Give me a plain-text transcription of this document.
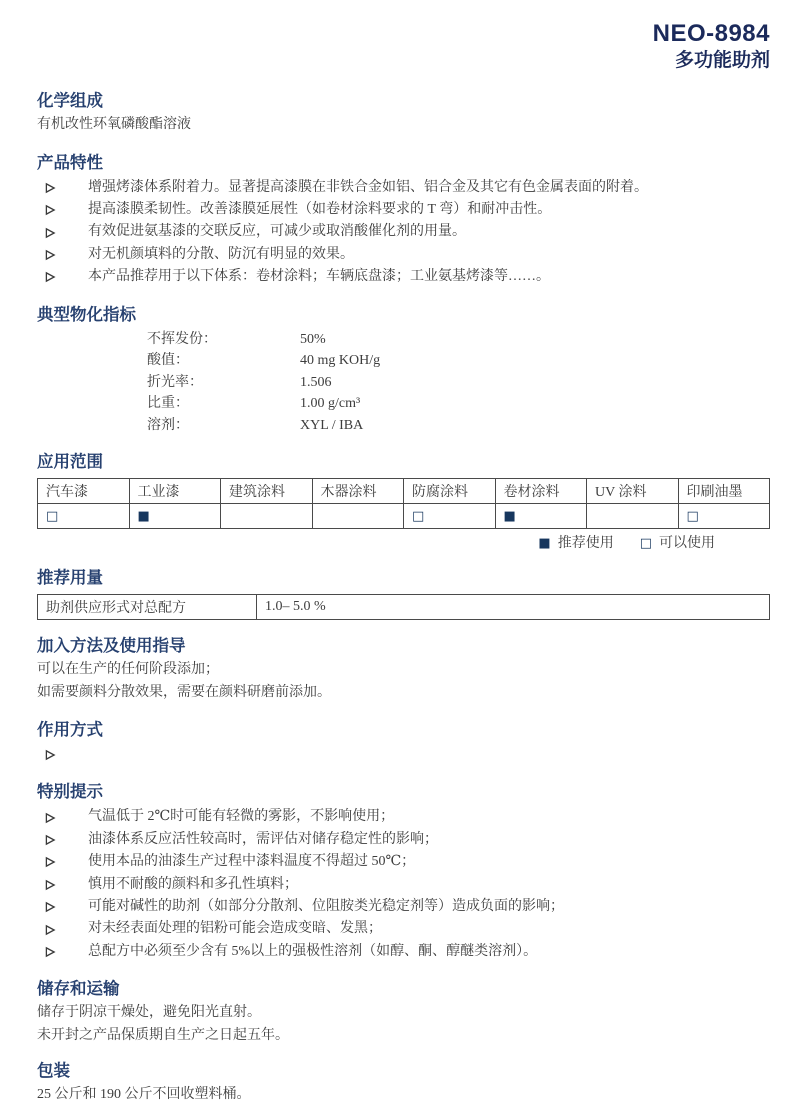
NEO-8984
多功能助剂
化学组成
有机改性环氧磷酸酯溶液
产品特性
增强烤漆体系附着力。显著提高漆膜在非铁合金如铝、铝合金及其它有色金属表面的附着。
提高漆膜柔韧性。改善漆膜延展性（如卷材涂料要求的 T 弯）和耐冲击性。
有效促进氨基漆的交联反应，可减少或取消酸催化剂的用量。
对无机颜填料的分散、防沉有明显的效果。
本产品推荐用于以下体系：卷材涂料；车辆底盘漆；工业氨基烤漆等……。
典型物化指标
不挥发份：	50%
酸值：	40 mg KOH/g
折光率：	1.506
比重：	1.00 g/cm³
溶剂：	XYL / IBA
应用范围
汽车漆	工业漆	建筑涂料	木器涂料	防腐涂料	卷材涂料	UV 涂料	印刷油墨
□	■			□	■		□
■ 推荐使用 □ 可以使用
推荐用量
助剂供应形式对总配方	1.0– 5.0 %
加入方法及使用指导
可以在生产的任何阶段添加；
如需要颜料分散效果，需要在颜料研磨前添加。
作用方式
特别提示
气温低于 2℃时可能有轻微的雾影，不影响使用；
油漆体系反应活性较高时，需评估对储存稳定性的影响；
使用本品的油漆生产过程中漆料温度不得超过 50℃；
慎用不耐酸的颜料和多孔性填料；
可能对碱性的助剂（如部分分散剂、位阻胺类光稳定剂等）造成负面的影响；
对未经表面处理的铝粉可能会造成变暗、发黑；
总配方中必须至少含有 5%以上的强极性溶剂（如醇、酮、醇醚类溶剂）。
储存和运输
储存于阴凉干燥处，避免阳光直射。
未开封之产品保质期自生产之日起五年。
包装
25 公斤和 190 公斤不回收塑料桶。
